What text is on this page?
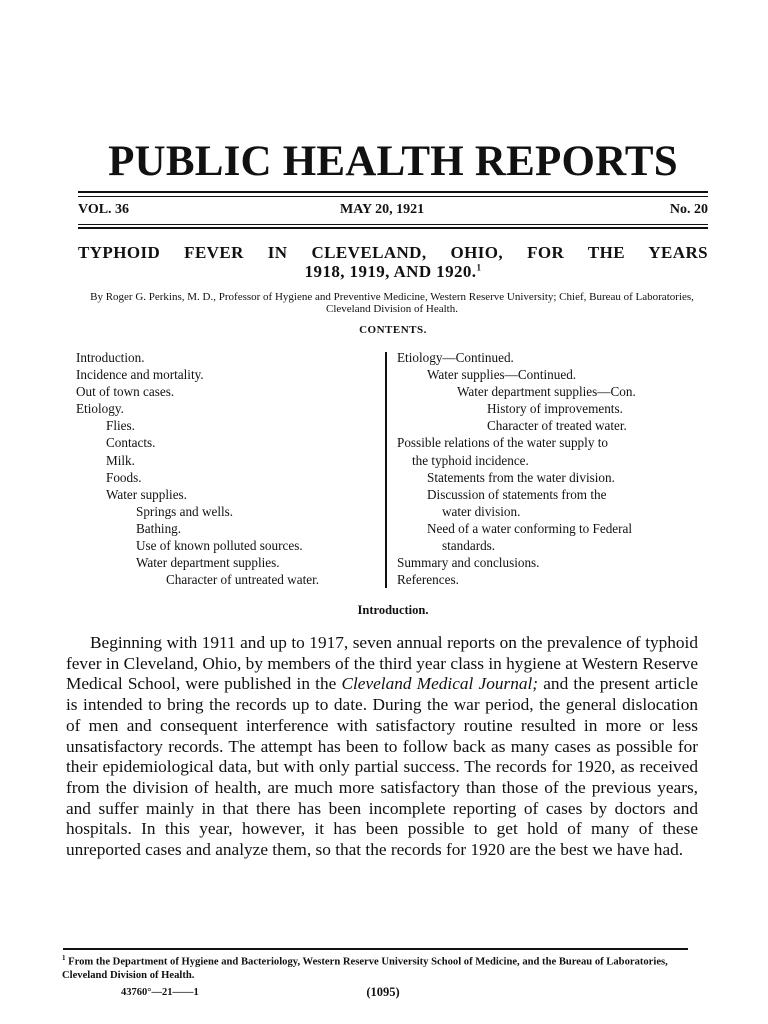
PUBLIC HEALTH REPORTS
VOL. 36	MAY 20, 1921	No. 20
TYPHOID FEVER IN CLEVELAND, OHIO, FOR THE YEARS
1918, 1919, AND 1920.$^1$
By Roger G. Perkins, M. D., Professor of Hygiene and Preventive Medicine, Western Reserve University; Chief, Bureau of Laboratories, Cleveland Division of Health.
CONTENTS.
Introduction.
Incidence and mortality.
Out of town cases.
Etiology.
Flies.
Contacts.
Milk.
Foods.
Water supplies.
Springs and wells.
Bathing.
Use of known polluted sources.
Water department supplies.
Character of untreated water.
Etiology—Continued.
Water supplies—Continued.
Water department supplies—Con.
History of improvements.
Character of treated water.
Possible relations of the water supply to
the typhoid incidence.
Statements from the water division.
Discussion of statements from the
water division.
Need of a water conforming to Federal
standards.
Summary and conclusions.
References.
Introduction.

Beginning with 1911 and up to 1917, seven annual reports on the prevalence of typhoid fever in Cleveland, Ohio, by members of the third year class in hygiene at Western Reserve Medical School, were published in the Cleveland Medical Journal; and the present article is intended to bring the records up to date. During the war period, the general dislocation of men and consequent interference with satisfactory routine resulted in more or less unsatisfactory records. The attempt has been to follow back as many cases as possible for their epidemiological data, but with only partial success. The records for 1920, as received from the division of health, are much more satisfactory than those of the previous years, and suffer mainly in that there has been incomplete reporting of cases by doctors and hospitals. In this year, however, it has been possible to get hold of many of these unreported cases and analyze them, so that the records for 1920 are the best we have had.

$^1$ From the Department of Hygiene and Bacteriology, Western Reserve University School of Medicine, and the Bureau of Laboratories, Cleveland Division of Health.
43760°—21——1	(1095)
